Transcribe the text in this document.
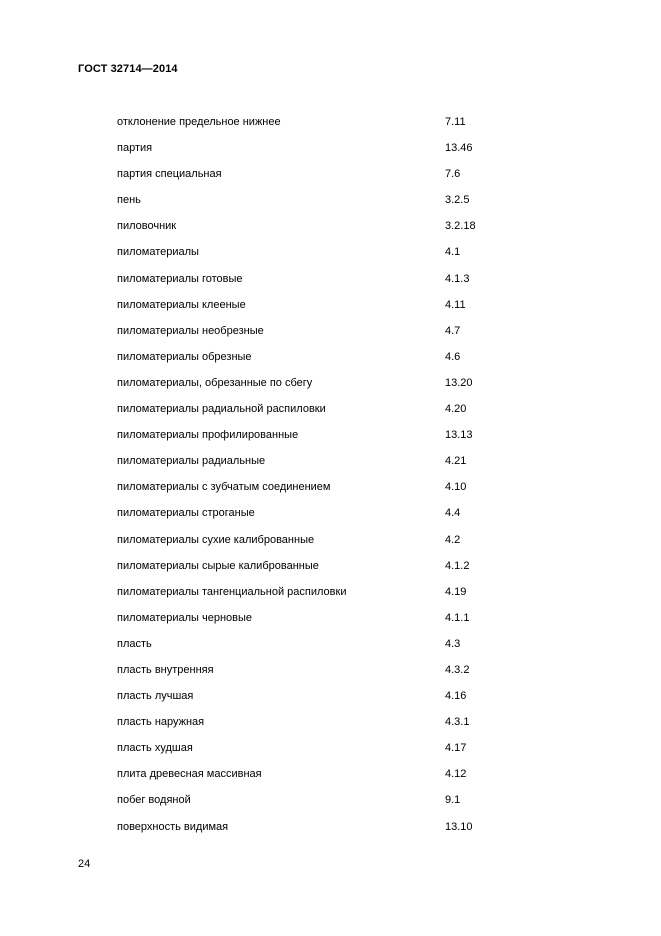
ГОСТ 32714—2014
отклонение предельное нижнее	7.11
партия	13.46
партия специальная	7.6
пень	3.2.5
пиловочник	3.2.18
пиломатериалы	4.1
пиломатериалы готовые	4.1.3
пиломатериалы клееные	4.11
пиломатериалы необрезные	4.7
пиломатериалы обрезные	4.6
пиломатериалы, обрезанные по сбегу	13.20
пиломатериалы радиальной распиловки	4.20
пиломатериалы профилированные	13.13
пиломатериалы радиальные	4.21
пиломатериалы с зубчатым соединением	4.10
пиломатериалы строганые	4.4
пиломатериалы сухие калиброванные	4.2
пиломатериалы сырые калиброванные	4.1.2
пиломатериалы тангенциальной распиловки	4.19
пиломатериалы черновые	4.1.1
пласть	4.3
пласть внутренняя	4.3.2
пласть лучшая	4.16
пласть наружная	4.3.1
пласть худшая	4.17
плита древесная массивная	4.12
побег водяной	9.1
поверхность видимая	13.10
24
